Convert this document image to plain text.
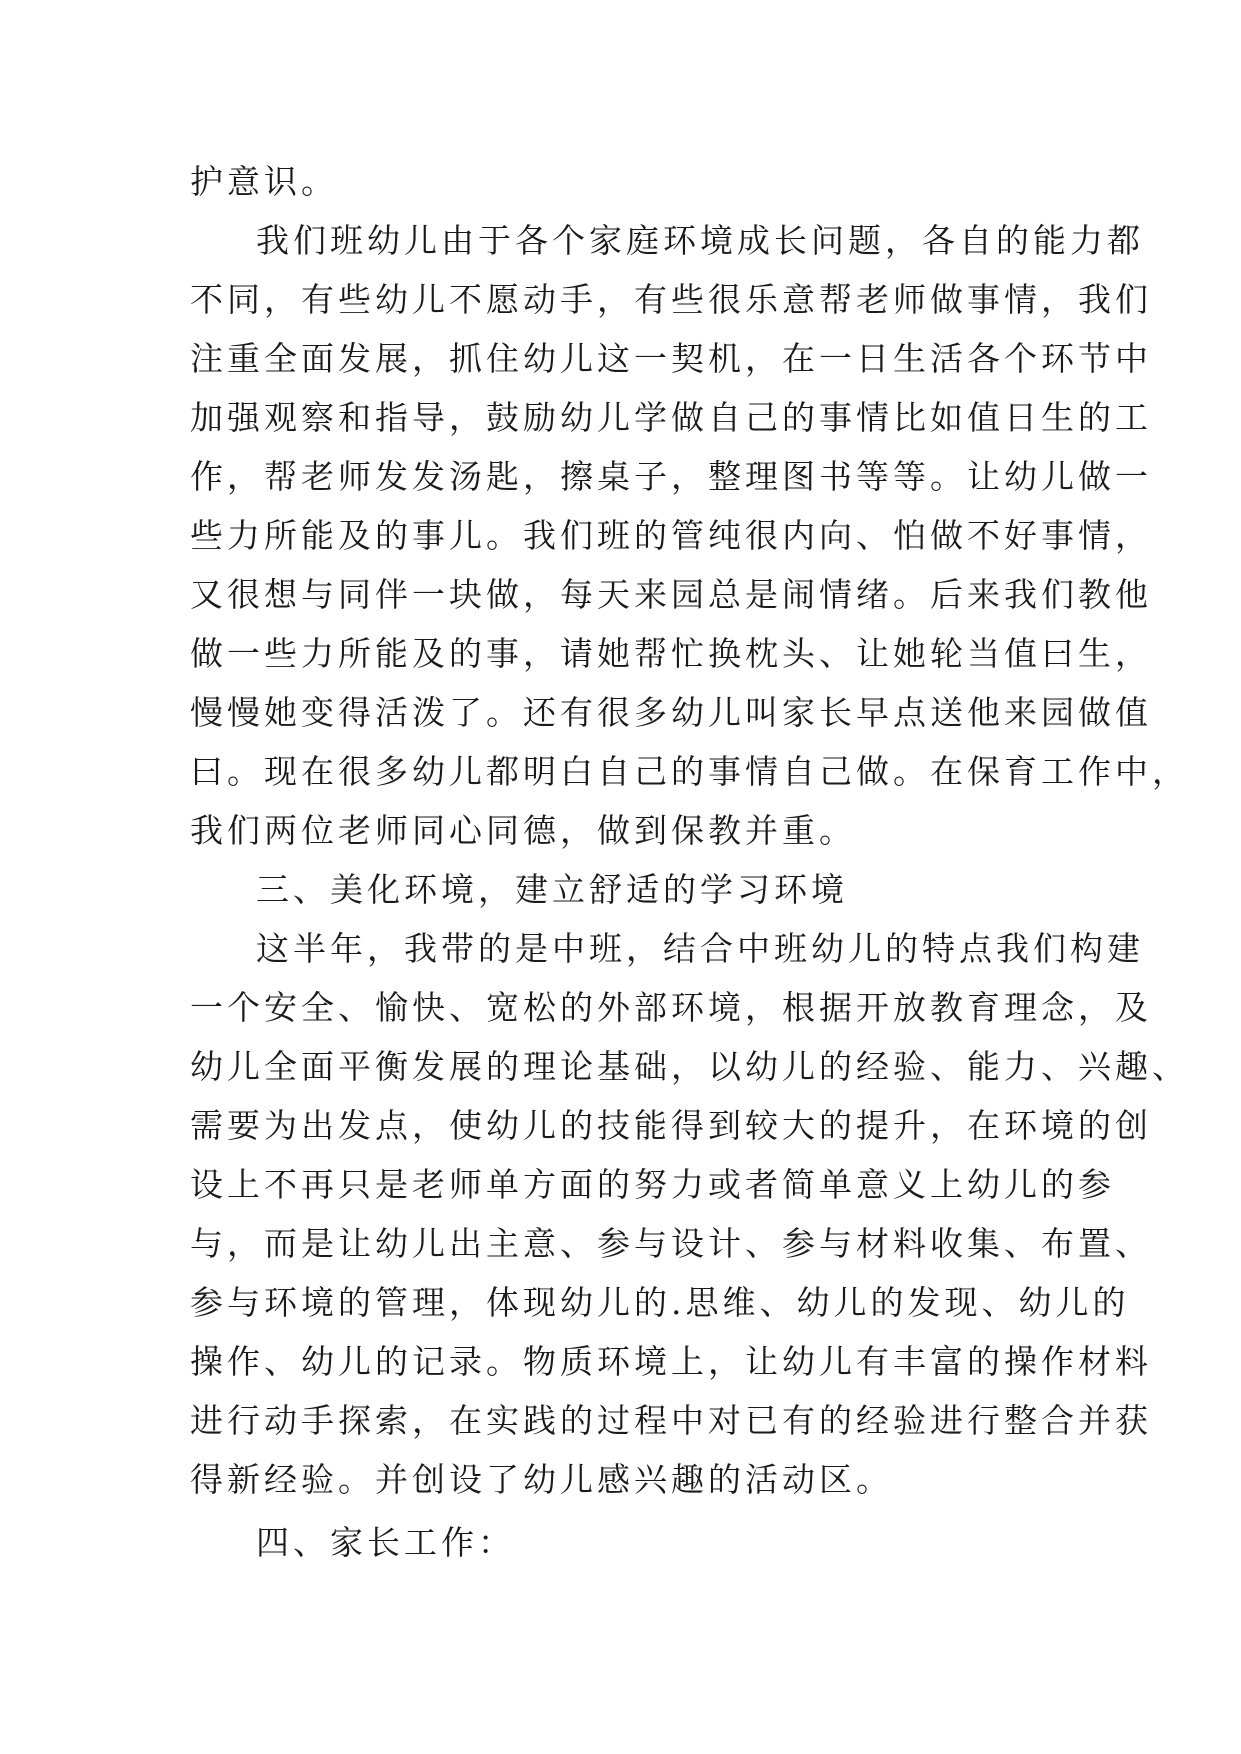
护意识。
我们班幼儿由于各个家庭环境成长问题，各自的能力都
不同，有些幼儿不愿动手，有些很乐意帮老师做事情，我们
注重全面发展，抓住幼儿这一契机，在一日生活各个环节中
加强观察和指导，鼓励幼儿学做自己的事情比如值日生的工
作，帮老师发发汤匙，擦桌子，整理图书等等。让幼儿做一
些力所能及的事儿。我们班的管纯很内向、怕做不好事情，
又很想与同伴一块做，每天来园总是闹情绪。后来我们教他
做一些力所能及的事，请她帮忙换枕头、让她轮当值曰生，
慢慢她变得活泼了。还有很多幼儿叫家长早点送他来园做值
曰。现在很多幼儿都明白自己的事情自己做。在保育工作中，
我们两位老师同心同德，做到保教并重。
三、美化环境，建立舒适的学习环境
这半年，我带的是中班，结合中班幼儿的特点我们构建
一个安全、愉快、宽松的外部环境，根据开放教育理念，及
幼儿全面平衡发展的理论基础，以幼儿的经验、能力、兴趣、
需要为出发点，使幼儿的技能得到较大的提升，在环境的创
设上不再只是老师单方面的努力或者简单意义上幼儿的参
与，而是让幼儿出主意、参与设计、参与材料收集、布置、
参与环境的管理，体现幼儿的.思维、幼儿的发现、幼儿的
操作、幼儿的记录。物质环境上，让幼儿有丰富的操作材料
进行动手探索，在实践的过程中对已有的经验进行整合并获
得新经验。并创设了幼儿感兴趣的活动区。
四、家长工作：
